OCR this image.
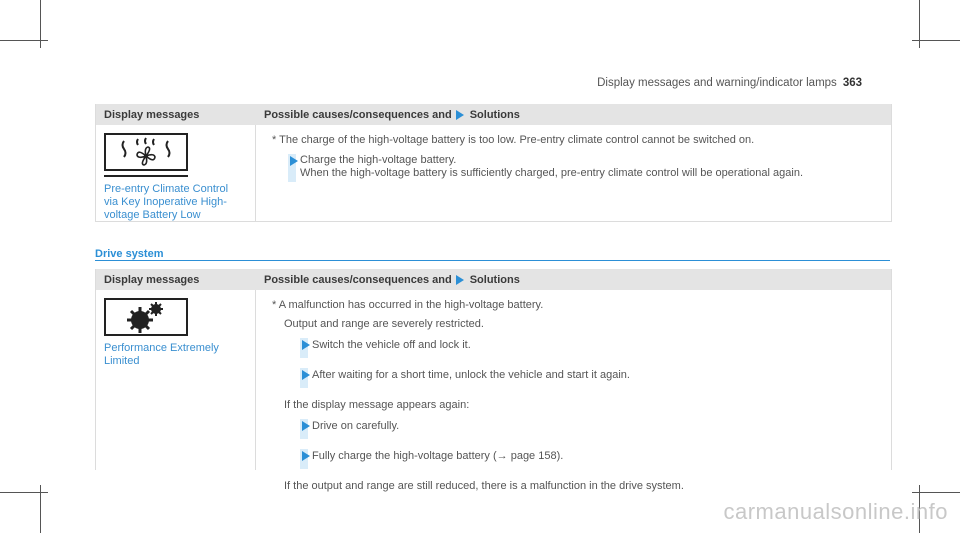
Display messages and warning/indicator lamps 363
Display messages	Possible causes/consequences and Solutions
Pre-entry Climate Control via Key Inoperative High-voltage Battery Low
* The charge of the high-voltage battery is too low. Pre-entry climate control cannot be switched on.
Charge the high-voltage battery.
When the high-voltage battery is sufficiently charged, pre-entry climate control will be operational again.
Drive system
Display messages	Possible causes/consequences and Solutions
Performance Extremely Limited
* A malfunction has occurred in the high-voltage battery.
Output and range are severely restricted.
Switch the vehicle off and lock it.
After waiting for a short time, unlock the vehicle and start it again.
If the display message appears again:
Drive on carefully.
Fully charge the high-voltage battery (→ page 158).
If the output and range are still reduced, there is a malfunction in the drive system.
carmanualsonline.info
